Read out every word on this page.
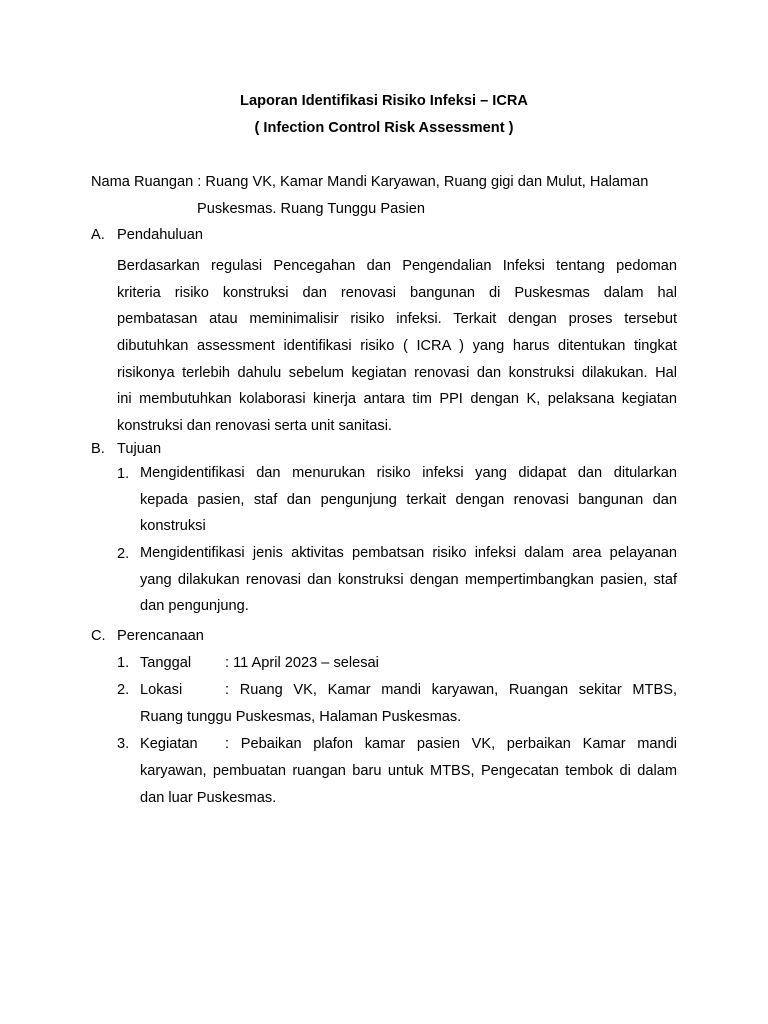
Laporan Identifikasi Risiko Infeksi – ICRA
( Infection Control Risk Assessment )
Nama Ruangan : Ruang VK, Kamar Mandi Karyawan, Ruang gigi dan Mulut, Halaman
Puskesmas. Ruang Tunggu Pasien
A. Pendahuluan
Berdasarkan regulasi Pencegahan dan Pengendalian Infeksi tentang pedoman
kriteria risiko konstruksi dan renovasi bangunan di Puskesmas dalam hal
pembatasan atau meminimalisir risiko infeksi. Terkait dengan proses tersebut
dibutuhkan assessment identifikasi risiko ( ICRA ) yang harus ditentukan tingkat
risikonya terlebih dahulu sebelum kegiatan renovasi dan konstruksi dilakukan. Hal
ini membutuhkan kolaborasi kinerja antara tim PPI dengan K, pelaksana kegiatan
konstruksi dan renovasi serta unit sanitasi.
B. Tujuan
1. Mengidentifikasi dan menurukan risiko infeksi yang didapat dan ditularkan
kepada pasien, staf dan pengunjung terkait dengan renovasi bangunan dan
konstruksi
2. Mengidentifikasi jenis aktivitas pembatsan risiko infeksi dalam area pelayanan
yang dilakukan renovasi dan konstruksi dengan mempertimbangkan pasien, staf
dan pengunjung.
C. Perencanaan
1. Tanggal : 11 April 2023 – selesai
2. Lokasi	: Ruang VK, Kamar mandi karyawan, Ruangan sekitar MTBS,
Ruang tunggu Puskesmas, Halaman Puskesmas.
3. Kegiatan : Pebaikan plafon kamar pasien VK, perbaikan Kamar mandi
karyawan, pembuatan ruangan baru untuk MTBS, Pengecatan tembok di dalam
dan luar Puskesmas.
